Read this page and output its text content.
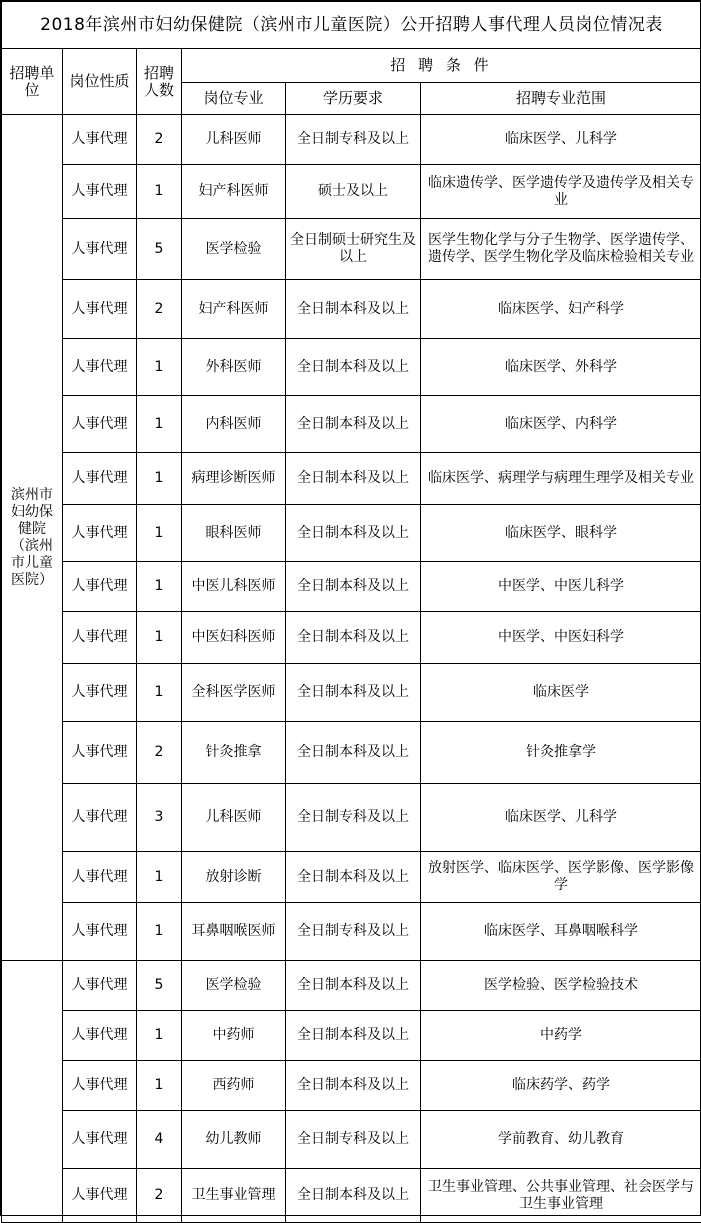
2018年滨州市妇幼保健院（滨州市儿童医院）公开招聘人事代理人员岗位情况表					
招聘单位	岗位性质	招聘人数	招 聘 条 件		
			岗位专业	学历要求	招聘专业范围
滨州市妇幼保健院（滨州市儿童医院）	人事代理	2	儿科医师	全日制专科及以上	临床医学、儿科学
	人事代理	1	妇产科医师	硕士及以上	临床遗传学、医学遗传学及遗传学及相关专业
	人事代理	5	医学检验	全日制硕士研究生及以上	医学生物化学与分子生物学、医学遗传学、遗传学、医学生物化学及临床检验相关专业
	人事代理	2	妇产科医师	全日制本科及以上	临床医学、妇产科学
	人事代理	1	外科医师	全日制本科及以上	临床医学、外科学
	人事代理	1	内科医师	全日制本科及以上	临床医学、内科学
	人事代理	1	病理诊断医师	全日制本科及以上	临床医学、病理学与病理生理学及相关专业
	人事代理	1	眼科医师	全日制本科及以上	临床医学、眼科学
	人事代理	1	中医儿科医师	全日制本科及以上	中医学、中医儿科学
	人事代理	1	中医妇科医师	全日制本科及以上	中医学、中医妇科学
	人事代理	1	全科医学医师	全日制本科及以上	临床医学
	人事代理	2	针灸推拿	全日制本科及以上	针灸推拿学
	人事代理	3	儿科医师	全日制专科及以上	临床医学、儿科学
	人事代理	1	放射诊断	全日制本科及以上	放射医学、临床医学、医学影像、医学影像学
	人事代理	1	耳鼻咽喉医师	全日制专科及以上	临床医学、耳鼻咽喉科学
	人事代理	5	医学检验	全日制本科及以上	医学检验、医学检验技术
	人事代理	1	中药师	全日制本科及以上	中药学
	人事代理	1	西药师	全日制本科及以上	临床药学、药学
	人事代理	4	幼儿教师	全日制专科及以上	学前教育、幼儿教育
	人事代理	2	卫生事业管理	全日制本科及以上	卫生事业管理、公共事业管理、社会医学与卫生事业管理
